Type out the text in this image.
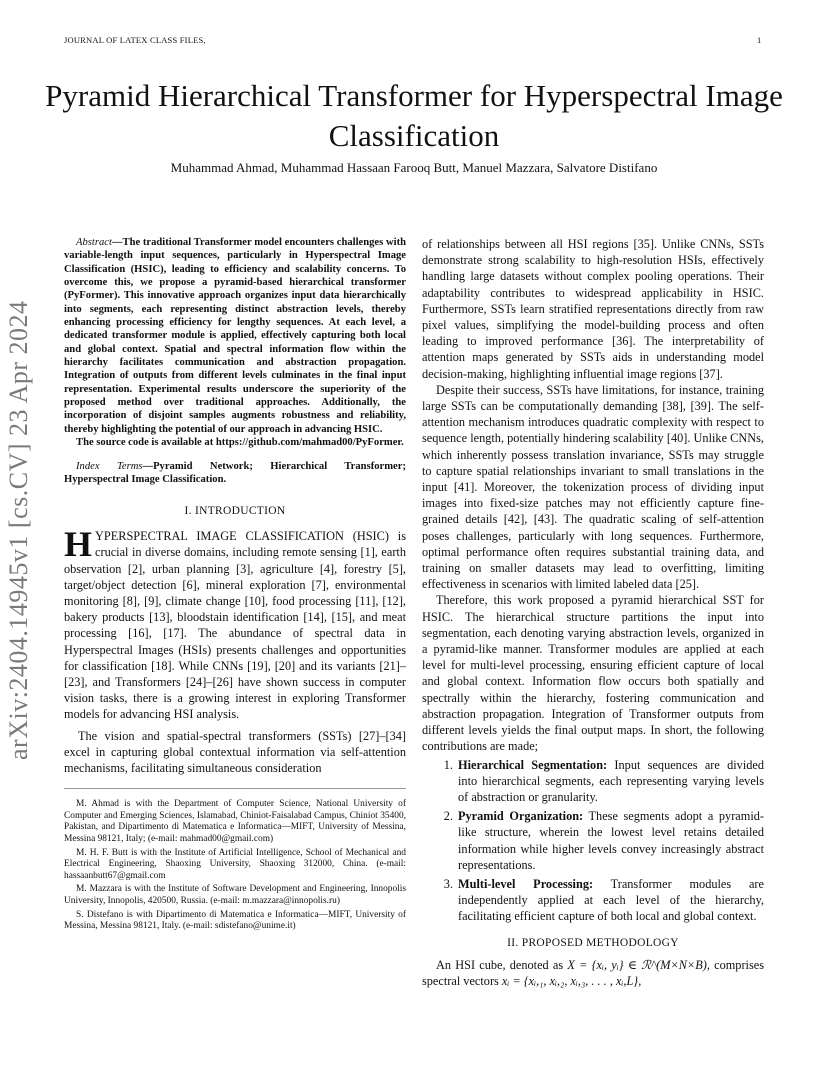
JOURNAL OF LATEX CLASS FILES,	1
Pyramid Hierarchical Transformer for Hyperspectral Image Classification
Muhammad Ahmad, Muhammad Hassaan Farooq Butt, Manuel Mazzara, Salvatore Distifano
arXiv:2404.14945v1 [cs.CV] 23 Apr 2024

Abstract—The traditional Transformer model encounters challenges with variable-length input sequences, particularly in Hyperspectral Image Classification (HSIC), leading to efficiency and scalability concerns. To overcome this, we propose a pyramid-based hierarchical transformer (PyFormer). This innovative approach organizes input data hierarchically into segments, each representing distinct abstraction levels, thereby enhancing processing efficiency for lengthy sequences. At each level, a dedicated transformer module is applied, effectively capturing both local and global context. Spatial and spectral information flow within the hierarchy facilitates communication and abstraction propagation. Integration of outputs from different levels culminates in the final input representation. Experimental results underscore the superiority of the proposed method over traditional approaches. Additionally, the incorporation of disjoint samples augments robustness and reliability, thereby highlighting the potential of our approach in advancing HSIC.

The source code is available at https://github.com/mahmad00/PyFormer.

Index Terms—Pyramid Network; Hierarchical Transformer; Hyperspectral Image Classification.

I. INTRODUCTION

HYPERSPECTRAL IMAGE CLASSIFICATION (HSIC) is crucial in diverse domains, including remote sensing [1], earth observation [2], urban planning [3], agriculture [4], forestry [5], target/object detection [6], mineral exploration [7], environmental monitoring [8], [9], climate change [10], food processing [11], [12], bakery products [13], bloodstain identification [14], [15], and meat processing [16], [17]. The abundance of spectral data in Hyperspectral Images (HSIs) presents challenges and opportunities for classification [18]. While CNNs [19], [20] and its variants [21]–[23], and Transformers [24]–[26] have shown success in computer vision tasks, there is a growing interest in exploring Transformer models for advancing HSI analysis.

The vision and spatial-spectral transformers (SSTs) [27]–[34] excel in capturing global contextual information via self-attention mechanisms, facilitating simultaneous consideration

M. Ahmad is with the Department of Computer Science, National University of Computer and Emerging Sciences, Islamabad, Chiniot-Faisalabad Campus, Chiniot 35400, Pakistan, and Dipartimento di Matematica e Informatica—MIFT, University of Messina, Messina 98121, Italy; (e-mail: mahmad00@gmail.com)

M. H. F. Butt is with the Institute of Artificial Intelligence, School of Mechanical and Electrical Engineering, Shaoxing University, Shaoxing 312000, China. (e-mail: hassaanbutt67@gmail.com

M. Mazzara is with the Institute of Software Development and Engineering, Innopolis University, Innopolis, 420500, Russia. (e-mail: m.mazzara@innopolis.ru)

S. Distefano is with Dipartimento di Matematica e Informatica—MIFT, University of Messina, Messina 98121, Italy. (e-mail: sdistefano@unime.it)

of relationships between all HSI regions [35]. Unlike CNNs, SSTs demonstrate strong scalability to high-resolution HSIs, effectively handling large datasets without complex pooling operations. Their adaptability contributes to widespread applicability in HSIC. Furthermore, SSTs learn stratified representations directly from raw pixel values, simplifying the model-building process and often leading to improved performance [36]. The interpretability of attention maps generated by SSTs aids in understanding model decision-making, highlighting influential image regions [37].

Despite their success, SSTs have limitations, for instance, training large SSTs can be computationally demanding [38], [39]. The self-attention mechanism introduces quadratic complexity with respect to sequence length, potentially hindering scalability [40]. Unlike CNNs, which inherently possess translation invariance, SSTs may struggle to capture spatial relationships invariant to small translations in the input [41]. Moreover, the tokenization process of dividing input images into fixed-size patches may not efficiently capture fine-grained details [42], [43]. The quadratic scaling of self-attention poses challenges, particularly with long sequences. Furthermore, optimal performance often requires substantial training data, and training on smaller datasets may lead to overfitting, limiting effectiveness in scenarios with limited labeled data [25].

Therefore, this work proposed a pyramid hierarchical SST for HSIC. The hierarchical structure partitions the input into segmentation, each denoting varying abstraction levels, organized in a pyramid-like manner. Transformer modules are applied at each level for multi-level processing, ensuring efficient capture of local and global context. Information flow occurs both spatially and spectrally within the hierarchy, fostering communication and abstraction propagation. Integration of Transformer outputs from different levels yields the final output maps. In short, the following contributions are made;

1. Hierarchical Segmentation: Input sequences are divided into hierarchical segments, each representing varying levels of abstraction or granularity.
2. Pyramid Organization: These segments adopt a pyramid-like structure, wherein the lowest level retains detailed information while higher levels convey increasingly abstract representations.
3. Multi-level Processing: Transformer modules are independently applied at each level of the hierarchy, facilitating efficient capture of both local and global context.
II. PROPOSED METHODOLOGY

An HSI cube, denoted as X = {xᵢ, yᵢ} ∈ ℛ^(M×N×B), comprises spectral vectors xᵢ = {xᵢ,₁, xᵢ,₂, xᵢ,₃, . . . , xᵢ,L},
